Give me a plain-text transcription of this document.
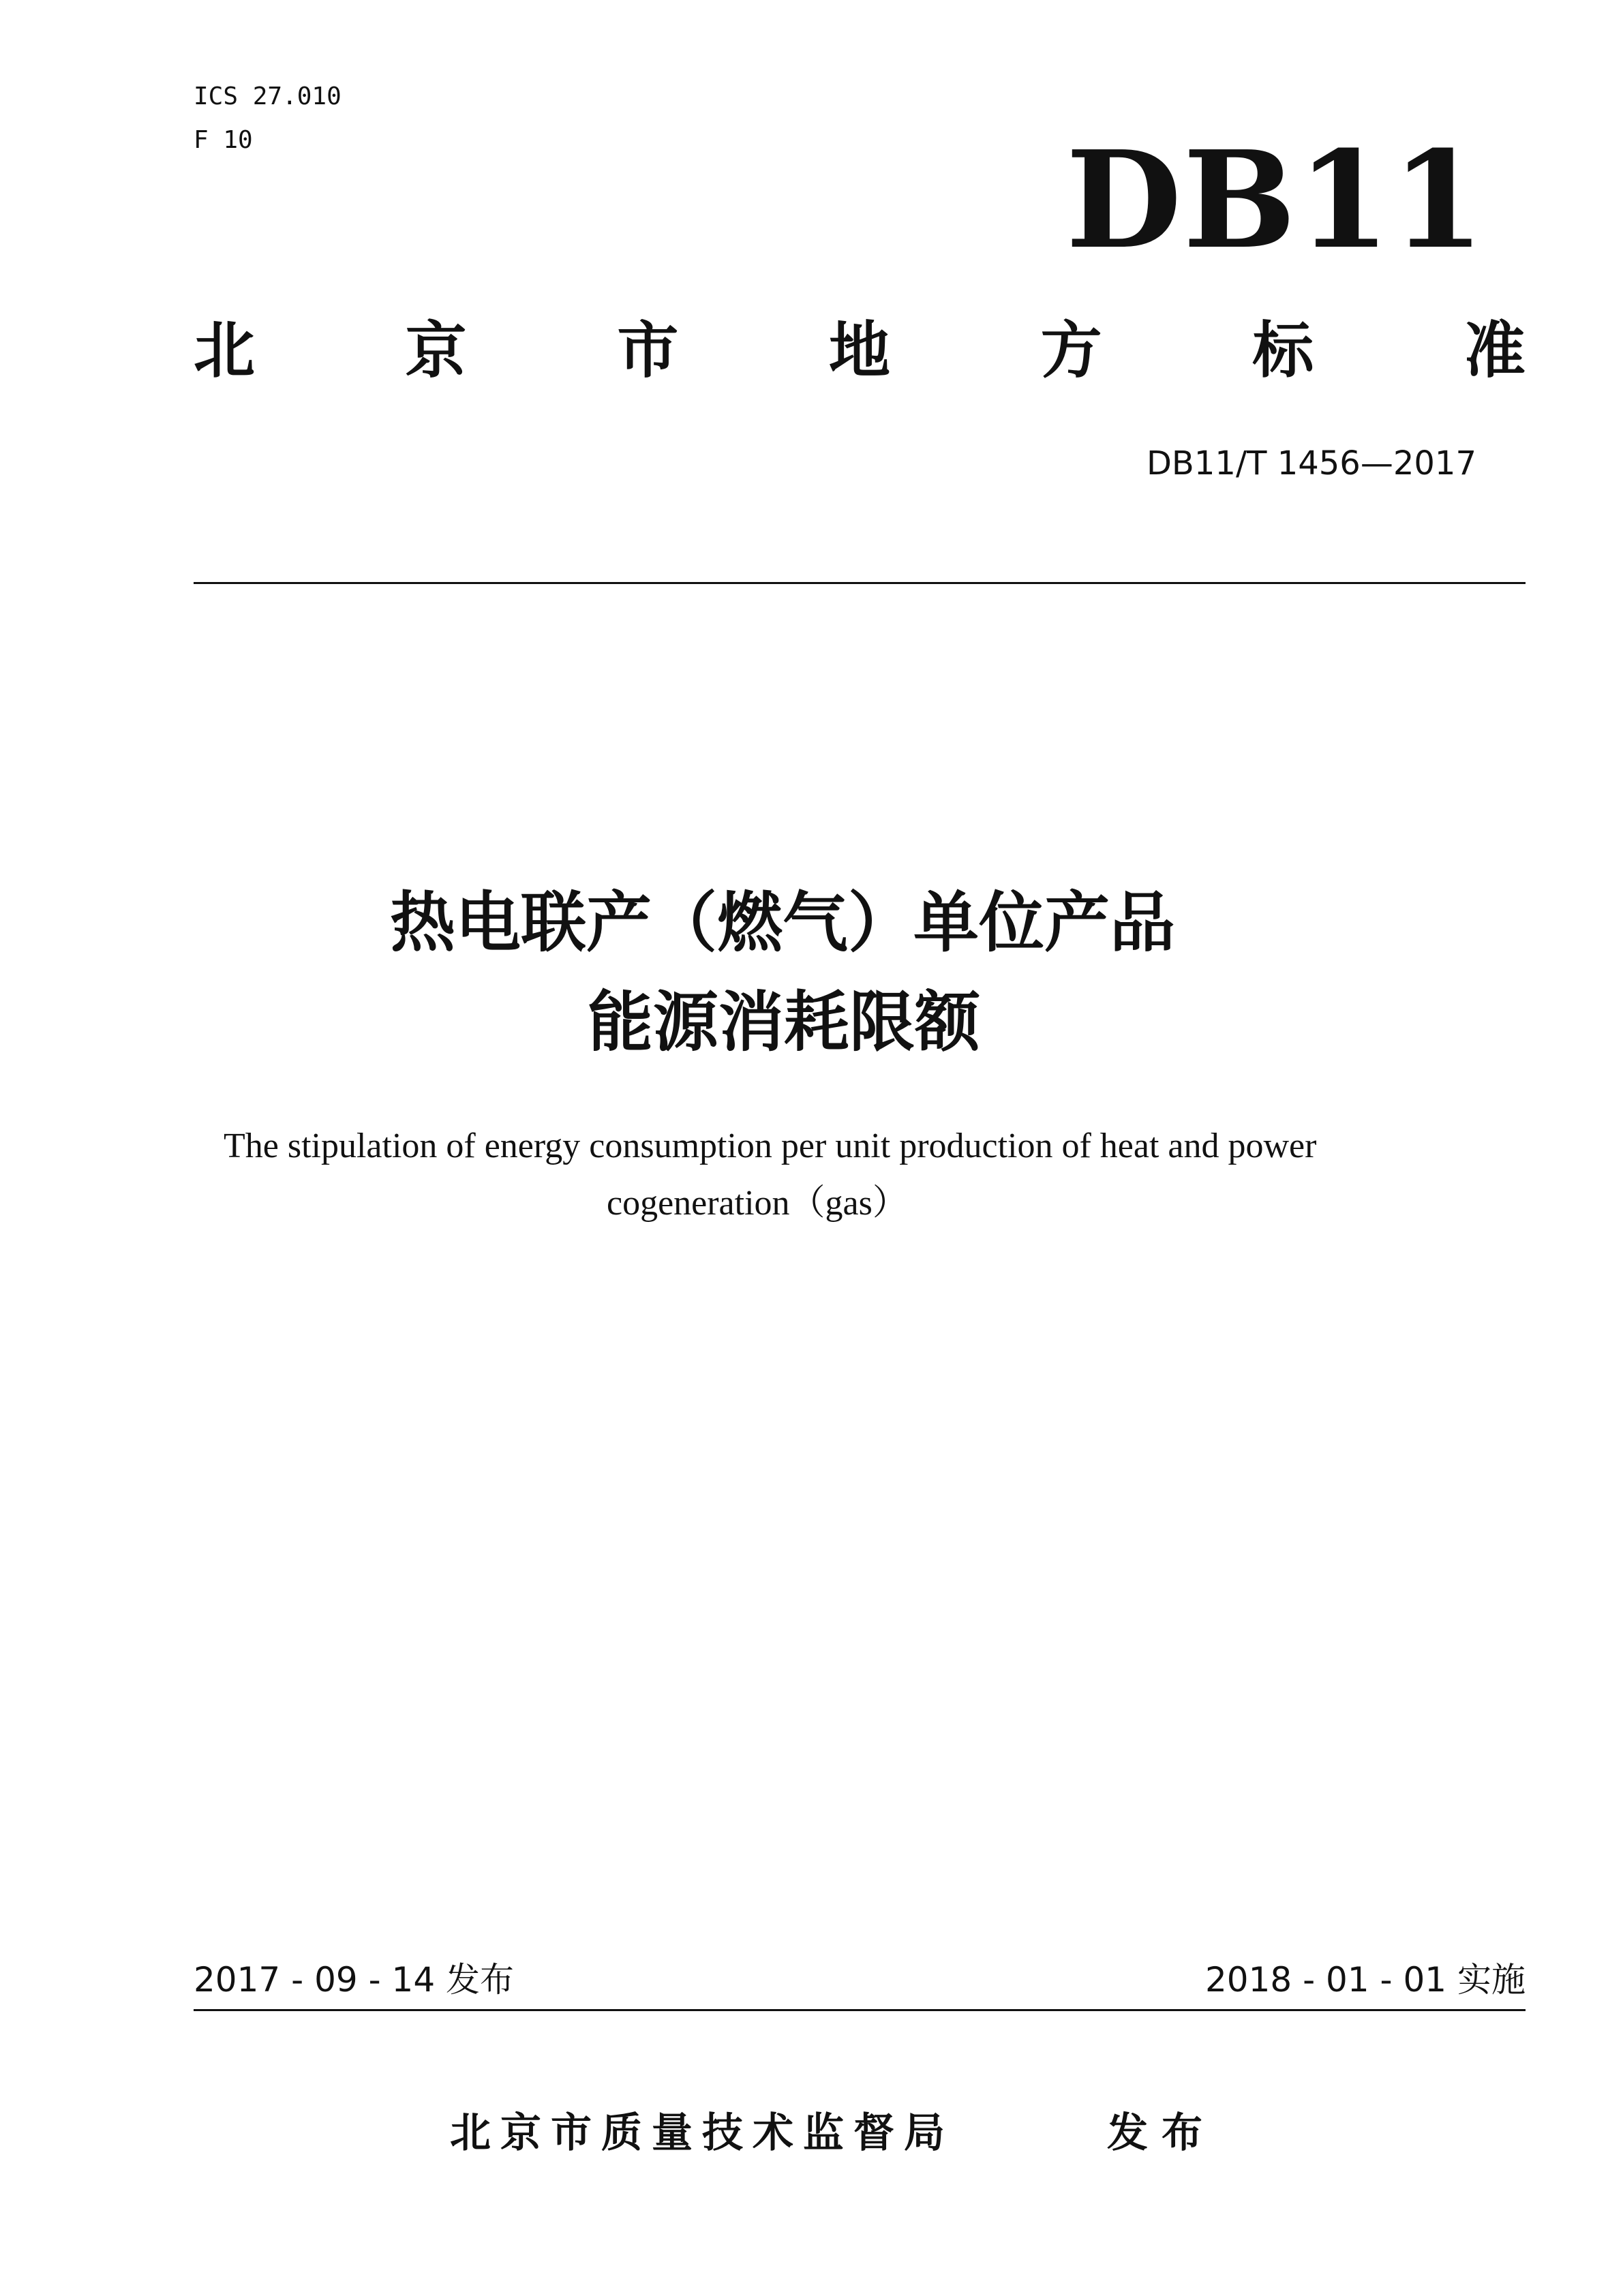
ICS 27.010
F 10	DB11
北 京 市 地 方 标 准
DB11/T 1456—2017
热电联产（燃气）单位产品
能源消耗限额
The stipulation of energy consumption per unit production of heat and power
cogeneration（gas）
2017 - 09 - 14 发布	2018 - 01 - 01 实施
北京市质量技术监督局	发布
